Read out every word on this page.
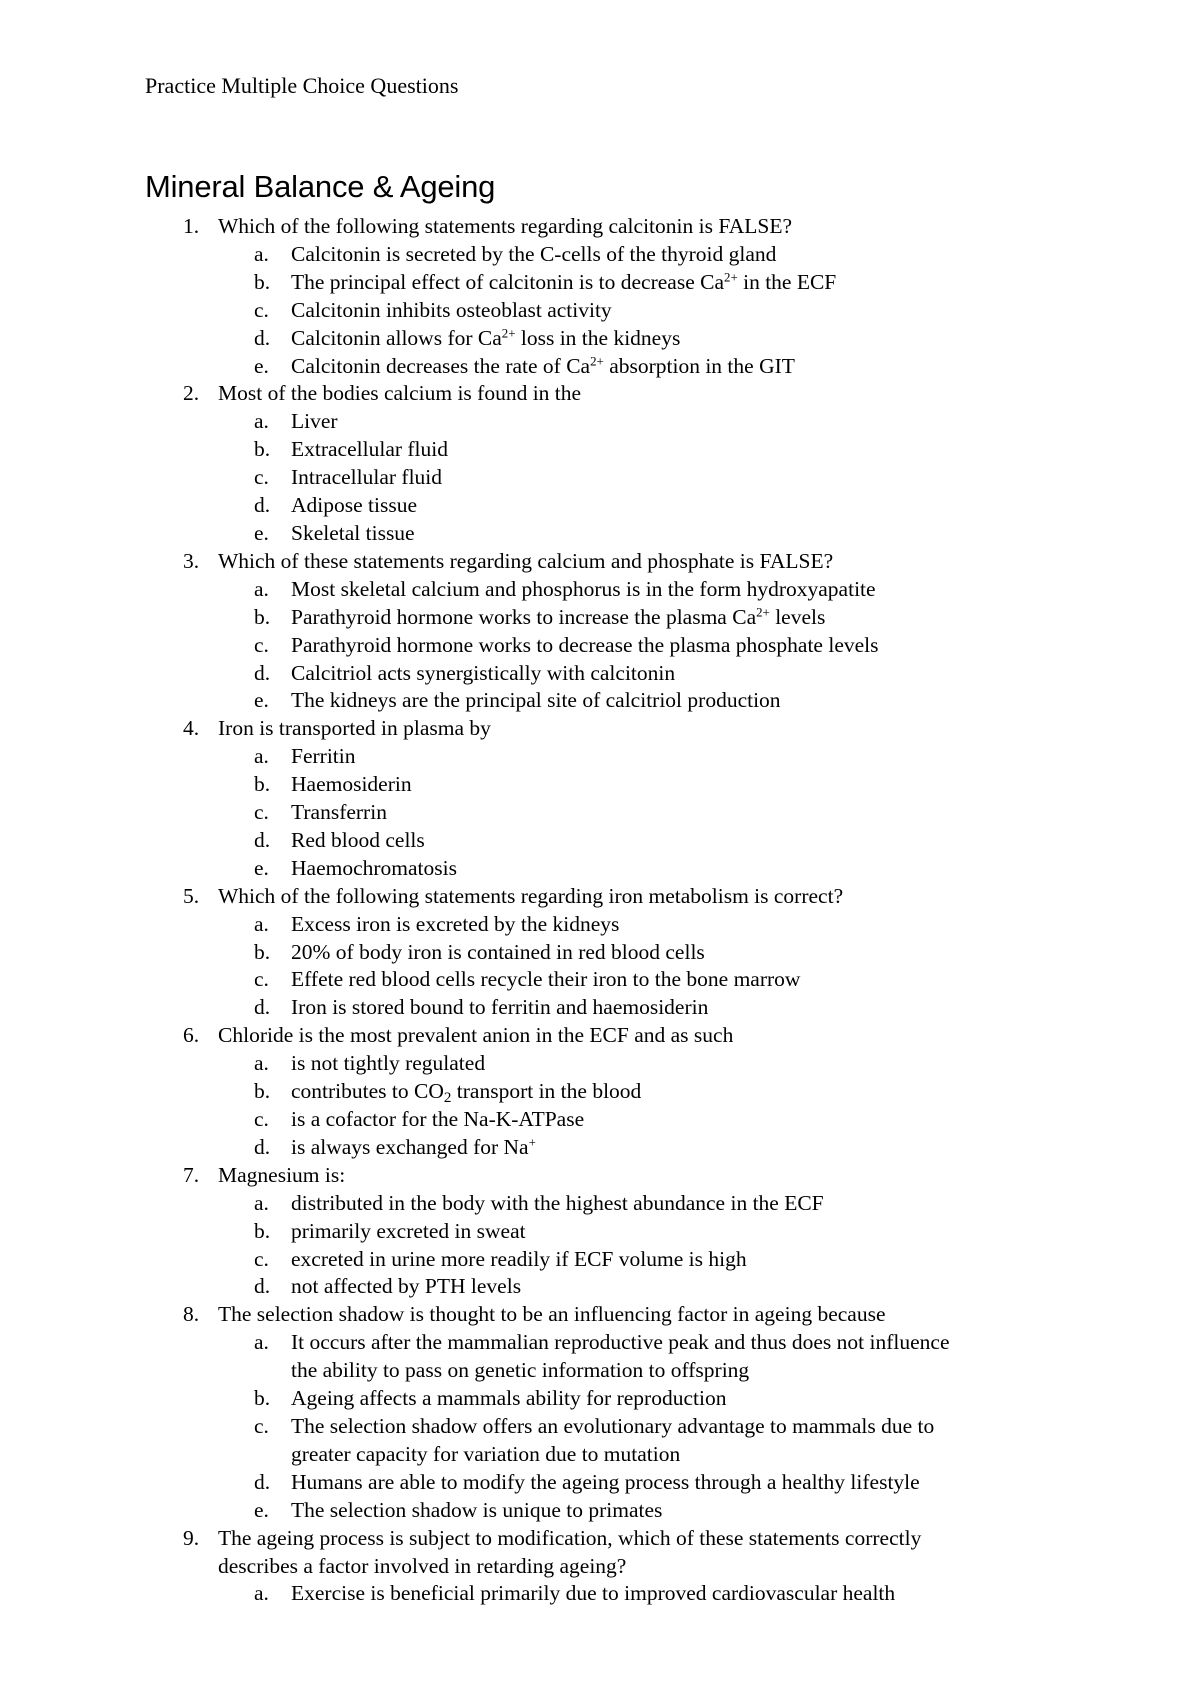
Practice Multiple Choice Questions
Mineral Balance & Ageing
1. Which of the following statements regarding calcitonin is FALSE?
a. Calcitonin is secreted by the C-cells of the thyroid gland
b. The principal effect of calcitonin is to decrease $Ca^{2+}$ in the ECF
c. Calcitonin inhibits osteoblast activity
d. Calcitonin allows for $Ca^{2+}$ loss in the kidneys
e. Calcitonin decreases the rate of $Ca^{2+}$ absorption in the GIT
2. Most of the bodies calcium is found in the
a. Liver
b. Extracellular fluid
c. Intracellular fluid
d. Adipose tissue
e. Skeletal tissue
3. Which of these statements regarding calcium and phosphate is FALSE?
a. Most skeletal calcium and phosphorus is in the form hydroxyapatite
b. Parathyroid hormone works to increase the plasma $Ca^{2+}$ levels
c. Parathyroid hormone works to decrease the plasma phosphate levels
d. Calcitriol acts synergistically with calcitonin
e. The kidneys are the principal site of calcitriol production
4. Iron is transported in plasma by
a. Ferritin
b. Haemosiderin
c. Transferrin
d. Red blood cells
e. Haemochromatosis
5. Which of the following statements regarding iron metabolism is correct?
a. Excess iron is excreted by the kidneys
b. 20% of body iron is contained in red blood cells
c. Effete red blood cells recycle their iron to the bone marrow
d. Iron is stored bound to ferritin and haemosiderin
6. Chloride is the most prevalent anion in the ECF and as such
a. is not tightly regulated
b. contributes to $CO_2$ transport in the blood
c. is a cofactor for the Na-K-ATPase
d. is always exchanged for Na+
7. Magnesium is:
a. distributed in the body with the highest abundance in the ECF
b. primarily excreted in sweat
c. excreted in urine more readily if ECF volume is high
d. not affected by PTH levels
8. The selection shadow is thought to be an influencing factor in ageing because
a. It occurs after the mammalian reproductive peak and thus does not influence
the ability to pass on genetic information to offspring
b. Ageing affects a mammals ability for reproduction
c. The selection shadow offers an evolutionary advantage to mammals due to
greater capacity for variation due to mutation
d. Humans are able to modify the ageing process through a healthy lifestyle
e. The selection shadow is unique to primates
9. The ageing process is subject to modification, which of these statements correctly
describes a factor involved in retarding ageing?
a. Exercise is beneficial primarily due to improved cardiovascular health
